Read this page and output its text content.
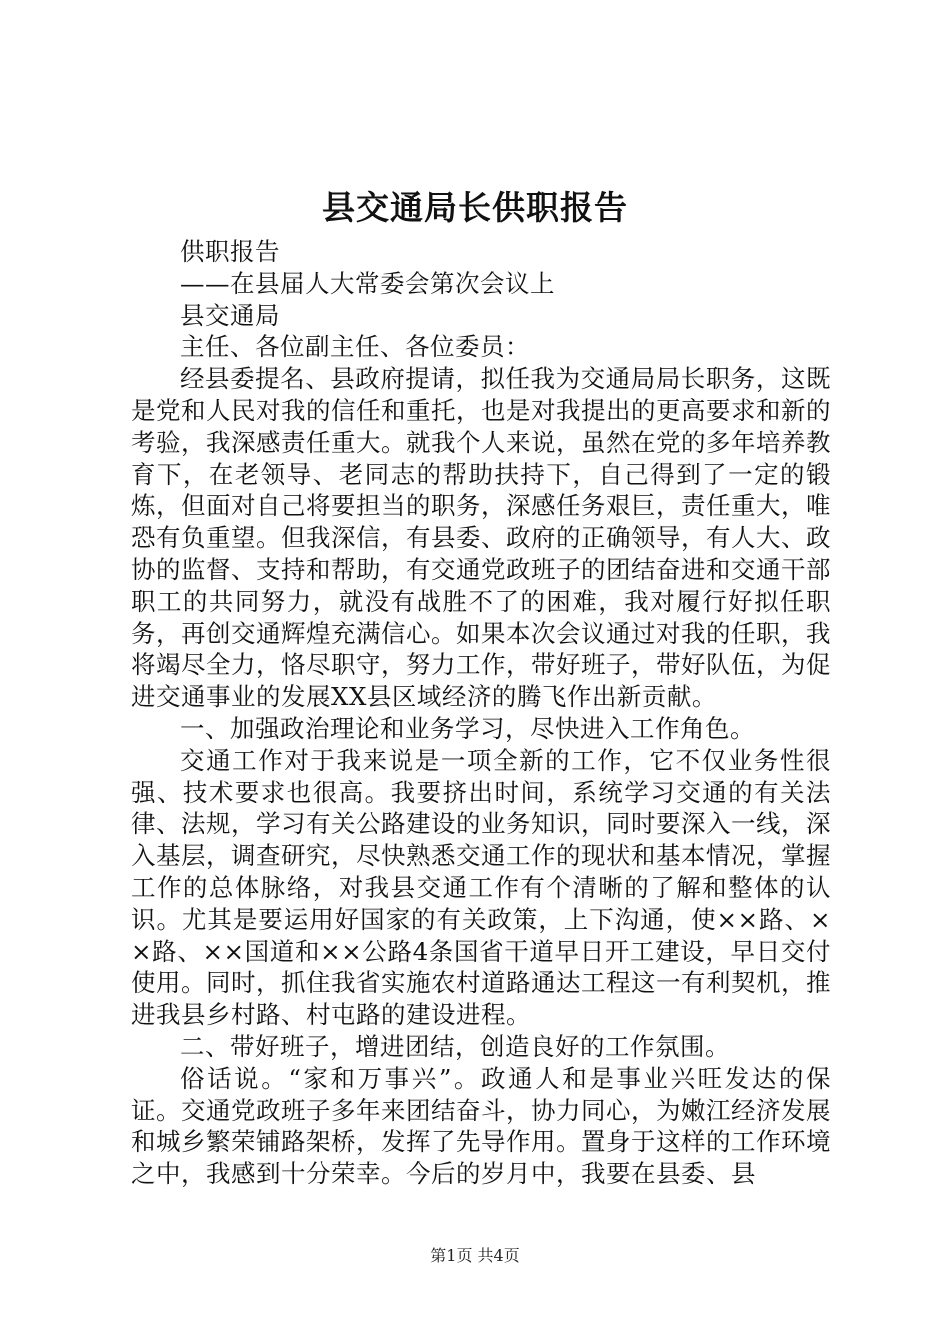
县交通局长供职报告

供职报告

——在县届人大常委会第次会议上

县交通局

主任、各位副主任、各位委员：

经县委提名、县政府提请，拟任我为交通局局长职务，这既是党和人民对我的信任和重托，也是对我提出的更高要求和新的考验，我深感责任重大。就我个人来说，虽然在党的多年培养教育下，在老领导、老同志的帮助扶持下，自己得到了一定的锻炼，但面对自己将要担当的职务，深感任务艰巨，责任重大，唯恐有负重望。但我深信，有县委、政府的正确领导，有人大、政协的监督、支持和帮助，有交通党政班子的团结奋进和交通干部职工的共同努力，就没有战胜不了的困难，我对履行好拟任职务，再创交通辉煌充满信心。如果本次会议通过对我的任职，我将竭尽全力，恪尽职守，努力工作，带好班子，带好队伍，为促进交通事业的发展XX县区域经济的腾飞作出新贡献。

一、加强政治理论和业务学习，尽快进入工作角色。

交通工作对于我来说是一项全新的工作，它不仅业务性很强、技术要求也很高。我要挤出时间，系统学习交通的有关法律、法规，学习有关公路建设的业务知识，同时要深入一线，深入基层，调查研究，尽快熟悉交通工作的现状和基本情况，掌握工作的总体脉络，对我县交通工作有个清晰的了解和整体的认识。尤其是要运用好国家的有关政策，上下沟通，使××路、××路、××国道和××公路4条国省干道早日开工建设，早日交付使用。同时，抓住我省实施农村道路通达工程这一有利契机，推进我县乡村路、村屯路的建设进程。

二、带好班子，增进团结，创造良好的工作氛围。

俗话说。“家和万事兴”。政通人和是事业兴旺发达的保证。交通党政班子多年来团结奋斗，协力同心，为嫩江经济发展和城乡繁荣铺路架桥，发挥了先导作用。置身于这样的工作环境之中，我感到十分荣幸。今后的岁月中，我要在县委、县

第1页 共4页
